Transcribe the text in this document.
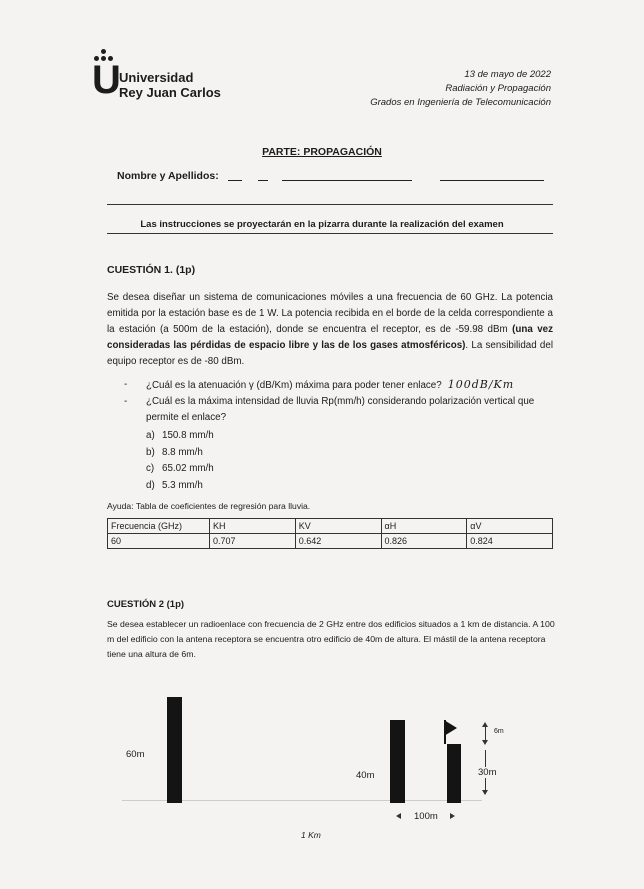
U
Universidad
Rey Juan Carlos
13 de mayo de 2022
Radiación y Propagación
Grados en Ingeniería de Telecomunicación
PARTE: PROPAGACIÓN
Nombre y Apellidos:
Las instrucciones se proyectarán en la pizarra durante la realización del examen
CUESTIÓN 1. (1p)
Se desea diseñar un sistema de comunicaciones móviles a una frecuencia de 60 GHz. La potencia emitida por la estación base es de 1 W. La potencia recibida en el borde de la celda correspondiente a la estación (a 500m de la estación), donde se encuentra el receptor, es de -59.98 dBm (una vez consideradas las pérdidas de espacio libre y las de los gases atmosféricos). La sensibilidad del equipo receptor es de -80 dBm.
- ¿Cuál es la atenuación γ (dB/Km) máxima para poder tener enlace? 100dB/Km
- ¿Cuál es la máxima intensidad de lluvia Rp(mm/h) considerando polarización vertical que permite el enlace?
a) 150.8 mm/h
b) 8.8 mm/h
c) 65.02 mm/h
d) 5.3 mm/h
Ayuda: Tabla de coeficientes de regresión para lluvia.
Frecuencia (GHz)	KH	KV	αH	αV
60	0.707	0.642	0.826	0.824
CUESTIÓN 2 (1p)
Se desea establecer un radioenlace con frecuencia de 2 GHz entre dos edificios situados a 1 km de distancia. A 100 m del edificio con la antena receptora se encuentra otro edificio de 40m de altura. El mástil de la antena receptora tiene una altura de 6m.
60m
40m
6m
30m
100m
1 Km
